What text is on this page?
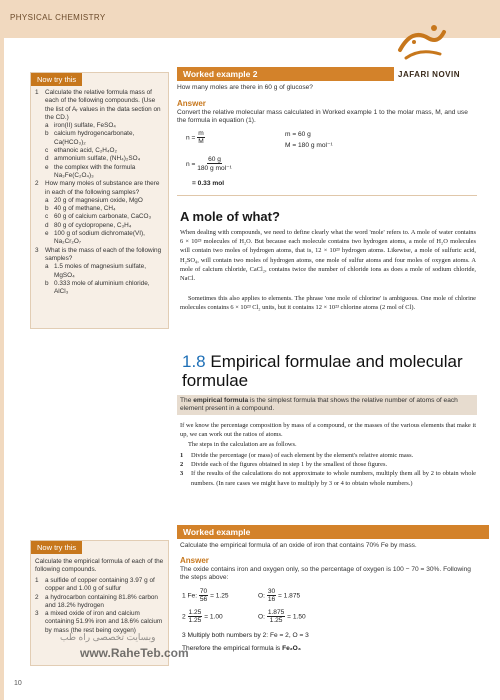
PHYSICAL CHEMISTRY
JAFARI NOVIN
Now try this
1	Calculate the relative formula mass of each of the following compounds. (Use the list of Aᵣ values in the data section on the CD.)
a iron(II) sulfate, FeSO₄
b calcium hydrogencarbonate, Ca(HCO₃)₂
c ethanoic acid, C₂H₄O₂
d ammonium sulfate, (NH₄)₂SO₄
e the complex with the formula Na₃Fe(C₂O₄)₃
2	How many moles of substance are there in each of the following samples?
a 20 g of magnesium oxide, MgO
b 40 g of methane, CH₄
c 60 g of calcium carbonate, CaCO₃
d 80 g of cyclopropene, C₃H₄
e 100 g of sodium dichromate(VI), Na₂Cr₂O₇
3	What is the mass of each of the following samples?
a 1.5 moles of magnesium sulfate, MgSO₄
b 0.333 mole of aluminium chloride, AlCl₃
Worked example 2
How many moles are there in 60 g of glucose?
Answer
Convert the relative molecular mass calculated in Worked example 1 to the molar mass, M, and use the formula in equation (1).
$n = \frac{m}{M}$	m = 60 g
M = 180 g mol⁻¹
$n = \frac{60 g}{\text{180 g mol⁻¹}}$
= 0.33 mol
A mole of what?
When dealing with compounds, we need to define clearly what the word 'mole' refers to. A mole of water contains 6 × 10²³ molecules of H₂O. But because each molecule contains two hydrogen atoms, a mole of H₂O molecules will contain two moles of hydrogen atoms, that is, 12 × 10²³ hydrogen atoms. Likewise, a mole of sulfuric acid, H₂SO₄, will contain two moles of hydrogen atoms, one mole of sulfur atoms and four moles of oxygen atoms. A mole of calcium chloride, CaCl₂, contains twice the number of chloride ions as does a mole of sodium chloride, NaCl.
Sometimes this also applies to elements. The phrase 'one mole of chlorine' is ambiguous. One mole of chlorine molecules contains 6 × 10²³ Cl₂ units, but it contains 12 × 10²³ chlorine atoms (2 mol of Cl).
1.8 Empirical formulae and molecular formulae
The empirical formula is the simplest formula that shows the relative number of atoms of each element present in a compound.
If we know the percentage composition by mass of a compound, or the masses of the various elements that make it up, we can work out the ratios of atoms.
The steps in the calculation are as follows.
1	Divide the percentage (or mass) of each element by the element's relative atomic mass.
2	Divide each of the figures obtained in step 1 by the smallest of those figures.
3	If the results of the calculations do not approximate to whole numbers, multiply them all by 2 to obtain whole numbers. (In rare cases we might have to multiply by 3 or 4 to obtain whole numbers.)
Worked example
Calculate the empirical formula of an oxide of iron that contains 70% Fe by mass.
Answer
The oxide contains iron and oxygen only, so the percentage of oxygen is 100 − 70 = 30%. Following the steps above:
1 Fe: $\frac{70}{56} = 1.25$	O: $\frac{30}{16} = 1.875$
$2 \frac{1.25}{1.25} = 1.00$	O: $\frac{1.875}{1.25} = 1.50$
3 Multiply both numbers by 2: Fe = 2, O = 3
Therefore the empirical formula is Fe₂O₃
Now try this
Calculate the empirical formula of each of the following compounds.
1	a sulfide of copper containing 3.97 g of copper and 1.00 g of sulfur
2	a hydrocarbon containing 81.8% carbon and 18.2% hydrogen
3	a mixed oxide of iron and calcium containing 51.9% iron and 18.6% calcium by mass (the rest being oxygen)
وبسایت تخصصی راه طب
www.RaheTeb.com
10
